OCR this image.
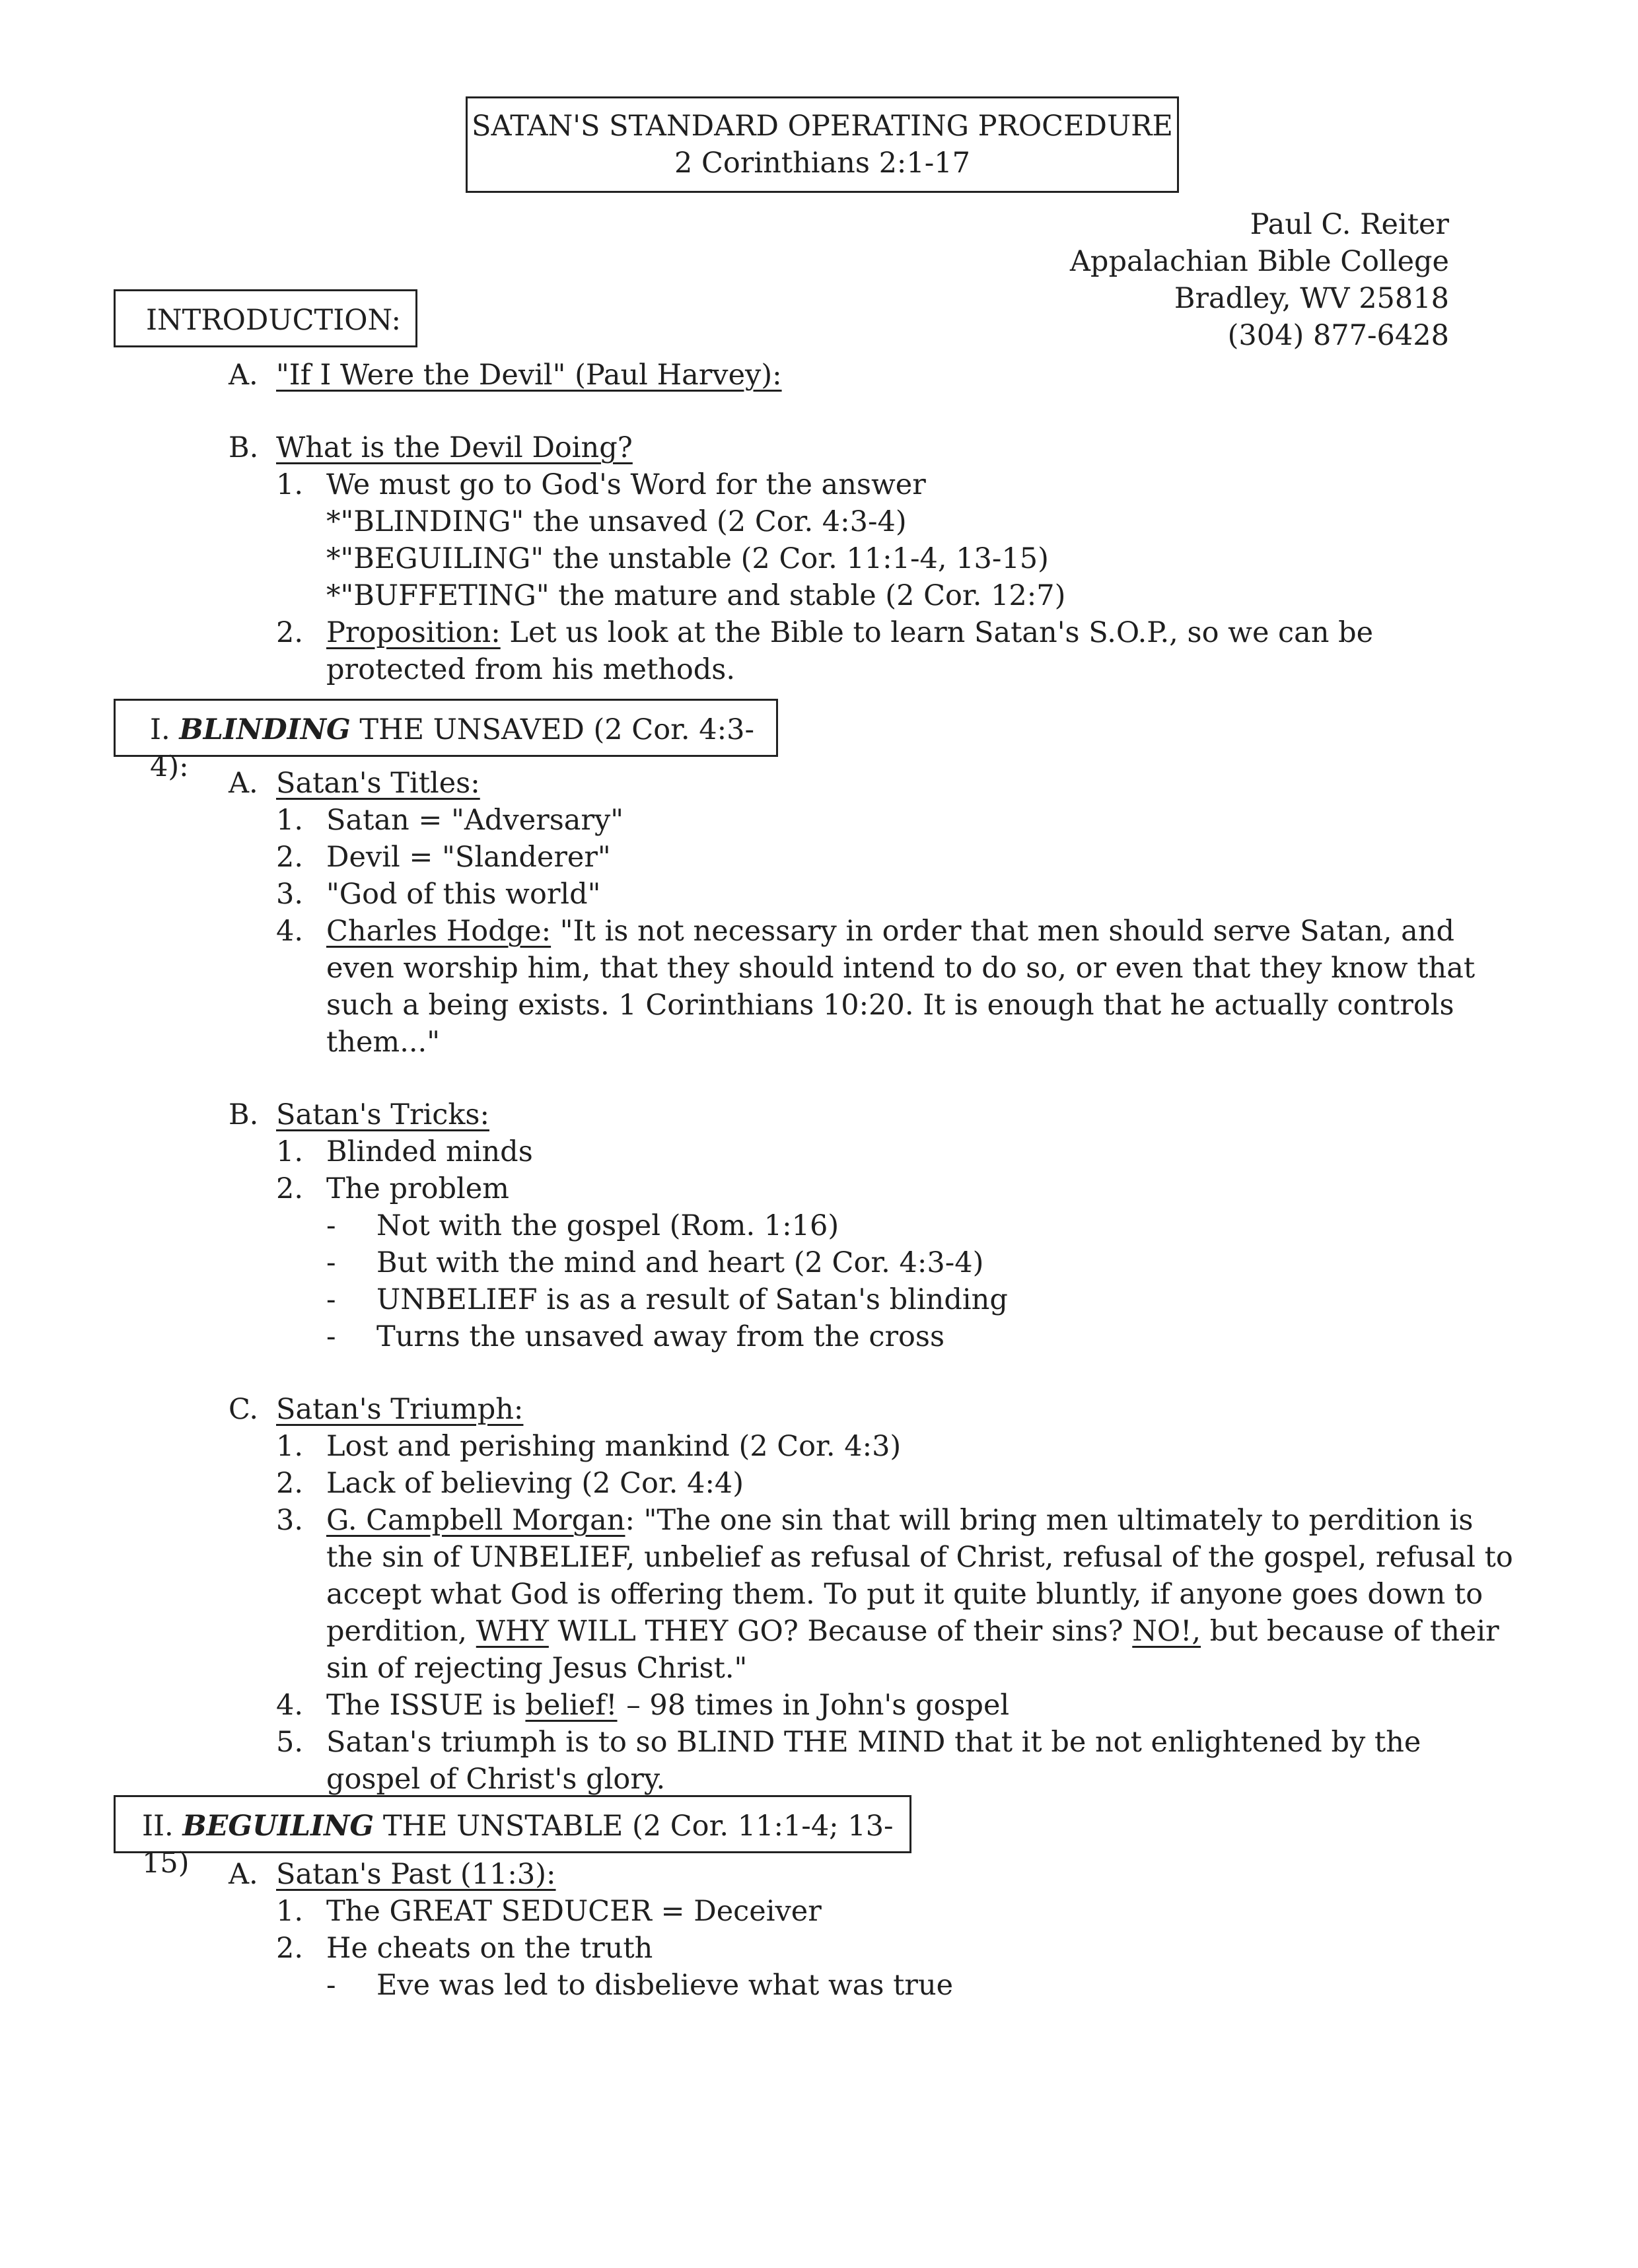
SATAN'S STANDARD OPERATING PROCEDURE
2 Corinthians 2:1-17
Paul C. Reiter
Appalachian Bible College
Bradley, WV 25818
(304) 877-6428
INTRODUCTION:
A. "If I Were the Devil" (Paul Harvey):
B. What is the Devil Doing?
1. We must go to God's Word for the answer
*"BLINDING" the unsaved (2 Cor. 4:3-4)
*"BEGUILING" the unstable (2 Cor. 11:1-4, 13-15)
*"BUFFETING" the mature and stable (2 Cor. 12:7)
2. Proposition: Let us look at the Bible to learn Satan's S.O.P., so we can be
protected from his methods.
I. BLINDING THE UNSAVED (2 Cor. 4:3-4):	A. Satan's Titles:
1. Satan = "Adversary"
2. Devil = "Slanderer"
3. "God of this world"
4. Charles Hodge: "It is not necessary in order that men should serve Satan, and
even worship him, that they should intend to do so, or even that they know that
such a being exists. 1 Corinthians 10:20. It is enough that he actually controls
them..."
B. Satan's Tricks:
1. Blinded minds
2. The problem
- Not with the gospel (Rom. 1:16)
- But with the mind and heart (2 Cor. 4:3-4)
- UNBELIEF is as a result of Satan's blinding
- Turns the unsaved away from the cross
C. Satan's Triumph:
1. Lost and perishing mankind (2 Cor. 4:3)
2. Lack of believing (2 Cor. 4:4)
3. G. Campbell Morgan: "The one sin that will bring men ultimately to perdition is
the sin of UNBELIEF, unbelief as refusal of Christ, refusal of the gospel, refusal to
accept what God is offering them. To put it quite bluntly, if anyone goes down to
perdition, WHY WILL THEY GO? Because of their sins? NO!, but because of their
sin of rejecting Jesus Christ."
4. The ISSUE is belief! – 98 times in John's gospel
5. Satan's triumph is to so BLIND THE MIND that it be not enlightened by the
gospel of Christ's glory.
II. BEGUILING THE UNSTABLE (2 Cor. 11:1-4; 13-15)	A. Satan's Past (11:3):
1. The GREAT SEDUCER = Deceiver
2. He cheats on the truth
- Eve was led to disbelieve what was true
